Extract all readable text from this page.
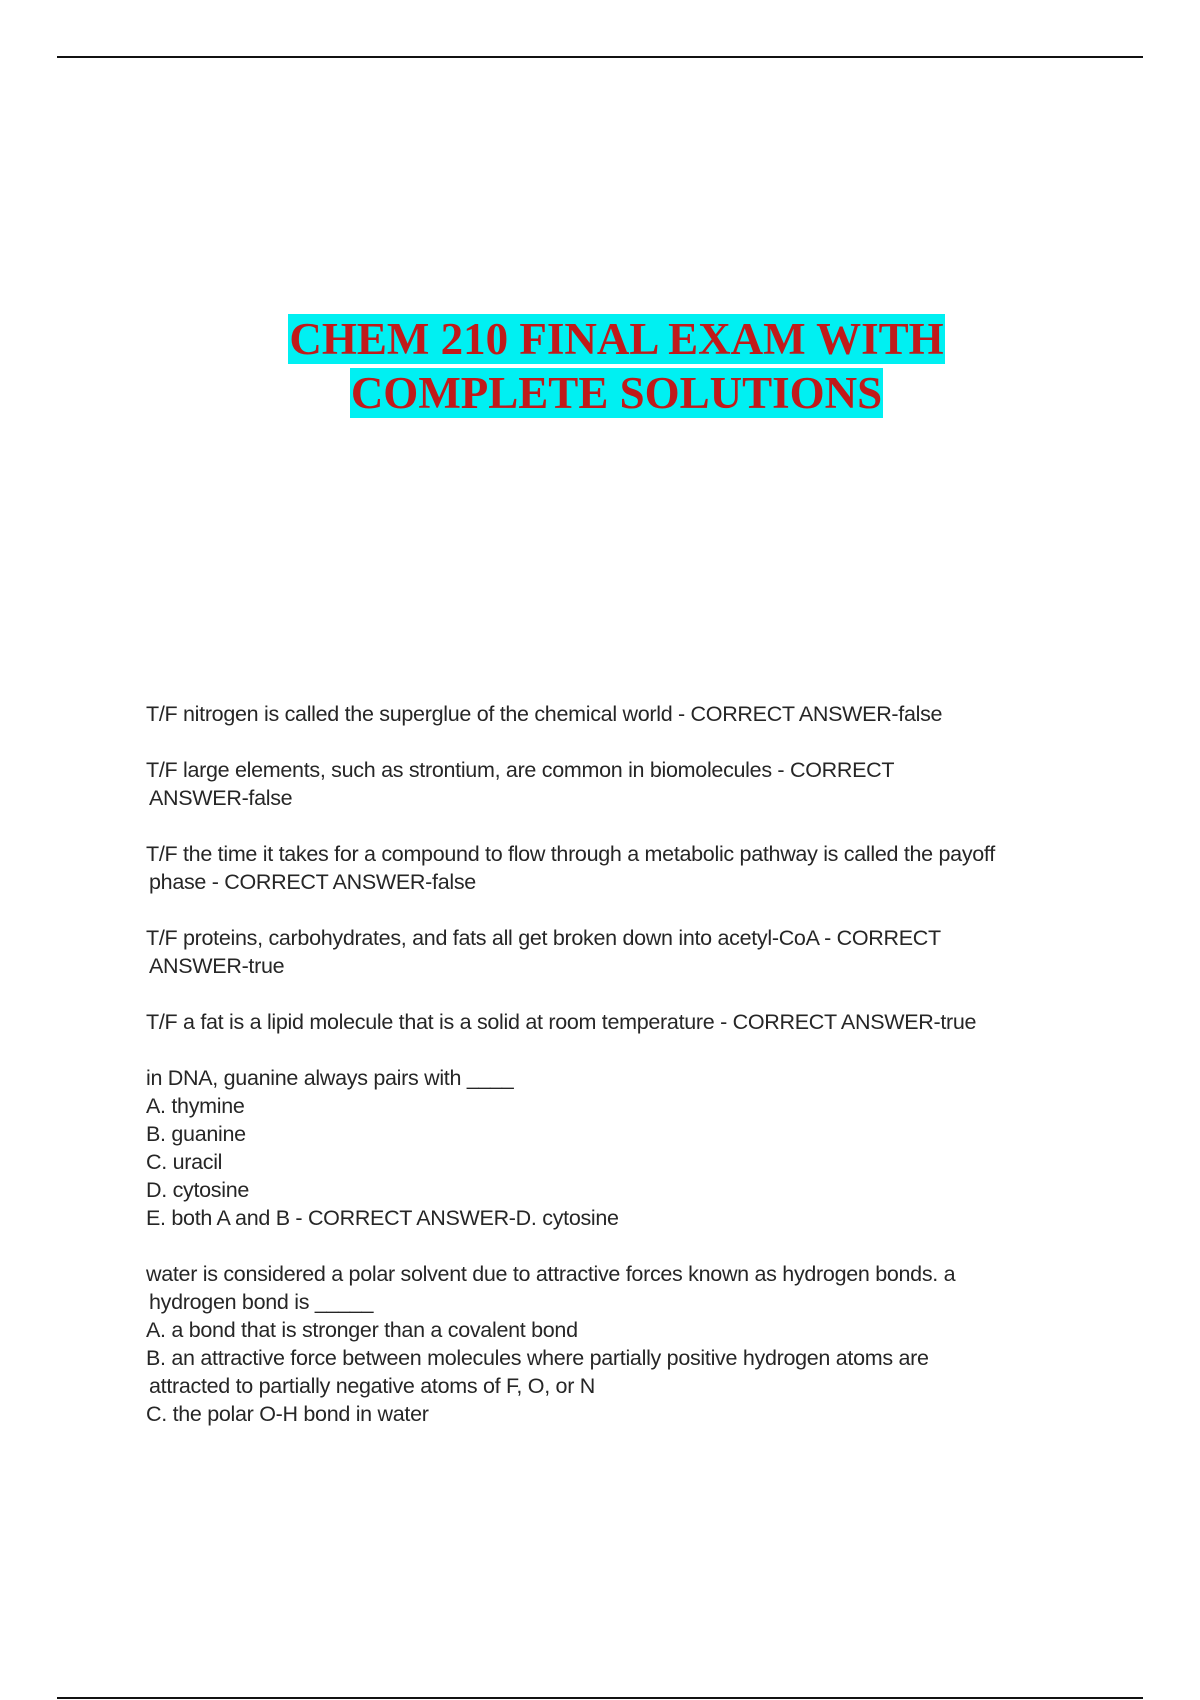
CHEM 210 FINAL EXAM WITH
COMPLETE SOLUTIONS
T/F nitrogen is called the superglue of the chemical world - CORRECT ANSWER-false
T/F large elements, such as strontium, are common in biomolecules - CORRECT
ANSWER-false
T/F the time it takes for a compound to flow through a metabolic pathway is called the payoff
phase - CORRECT ANSWER-false
T/F proteins, carbohydrates, and fats all get broken down into acetyl-CoA - CORRECT
ANSWER-true
T/F a fat is a lipid molecule that is a solid at room temperature - CORRECT ANSWER-true
in DNA, guanine always pairs with ____
A. thymine
B. guanine
C. uracil
D. cytosine
E. both A and B - CORRECT ANSWER-D. cytosine
water is considered a polar solvent due to attractive forces known as hydrogen bonds. a
hydrogen bond is _____
A. a bond that is stronger than a covalent bond
B. an attractive force between molecules where partially positive hydrogen atoms are
attracted to partially negative atoms of F, O, or N
C. the polar O-H bond in water
